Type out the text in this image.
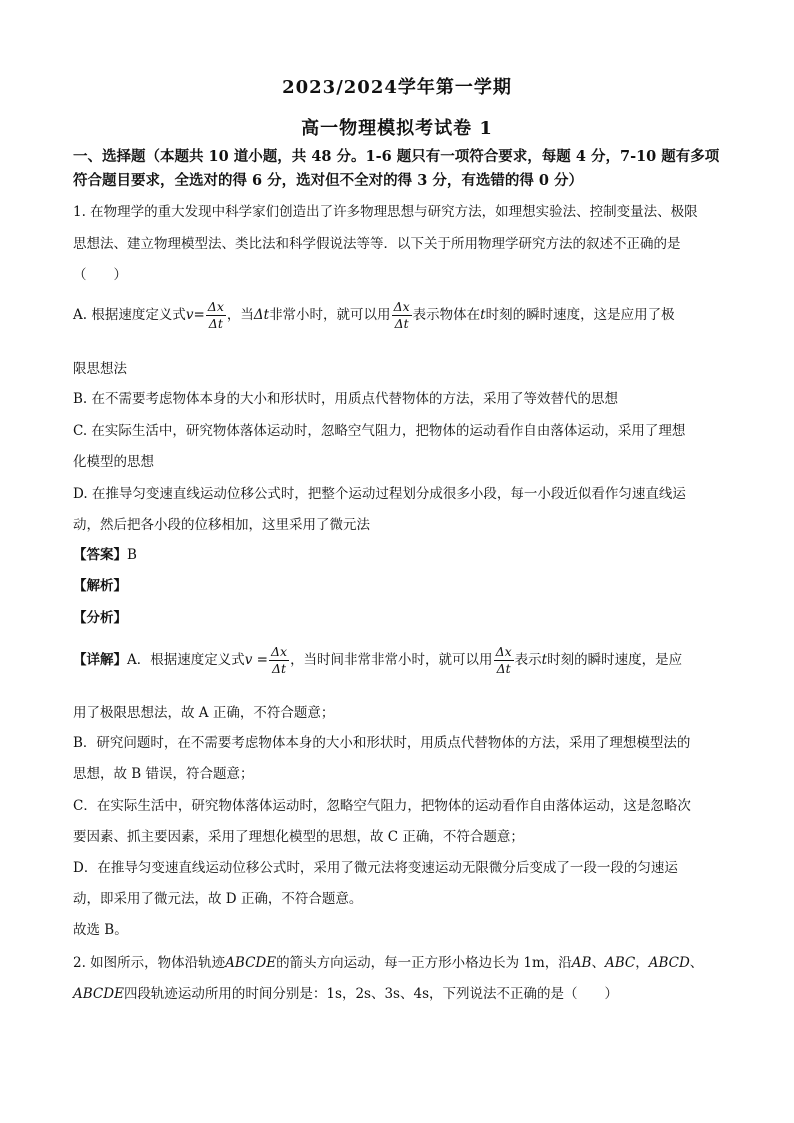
2023/2024学年第一学期
高一物理模拟考试卷 1
一、选择题（本题共 10 道小题，共 48 分。1-6 题只有一项符合要求，每题 4 分，7-10 题有多项符合题目要求，全选对的得 6 分，选对但不全对的得 3 分，有选错的得 0 分）
1. 在物理学的重大发现中科学家们创造出了许多物理思想与研究方法，如理想实验法、控制变量法、极限
思想法、建立物理模型法、类比法和科学假说法等等．以下关于所用物理学研究方法的叙述不正确的是
（　　）
A. 根据速度定义式$v= \frac{\Delta x}{\Delta t}$ ，当Δt非常小时，就可以用 $\frac{\Delta x}{\Delta t}$ 表示物体在t时刻的瞬时速度，这是应用了极
限思想法
B. 在不需要考虑物体本身的大小和形状时，用质点代替物体的方法，采用了等效替代的思想
C. 在实际生活中，研究物体落体运动时，忽略空气阻力，把物体的运动看作自由落体运动，采用了理想
化模型的思想
D. 在推导匀变速直线运动位移公式时，把整个运动过程划分成很多小段，每一小段近似看作匀速直线运
动，然后把各小段的位移相加，这里采用了微元法
【答案】B
【解析】
【分析】
【详解】A．根据速度定义式$v = \frac{\Delta x}{\Delta t}$ ，当时间非常非常小时，就可以用 $\frac{\Delta x}{\Delta t}$ 表示t时刻的瞬时速度，是应
用了极限思想法，故 A 正确，不符合题意；
B．研究问题时，在不需要考虑物体本身的大小和形状时，用质点代替物体的方法，采用了理想模型法的
思想，故 B 错误，符合题意；
C．在实际生活中，研究物体落体运动时，忽略空气阻力，把物体的运动看作自由落体运动，这是忽略次
要因素、抓主要因素，采用了理想化模型的思想，故 C 正确，不符合题意；
D．在推导匀变速直线运动位移公式时，采用了微元法将变速运动无限微分后变成了一段一段的匀速运
动，即采用了微元法，故 D 正确，不符合题意。
故选 B。
2. 如图所示，物体沿轨迹ABCDE的箭头方向运动，每一正方形小格边长为 1m，沿AB、ABC，ABCD、
ABCDE四段轨迹运动所用的时间分别是：1s，2s、3s、4s，下列说法不正确的是（　　）
